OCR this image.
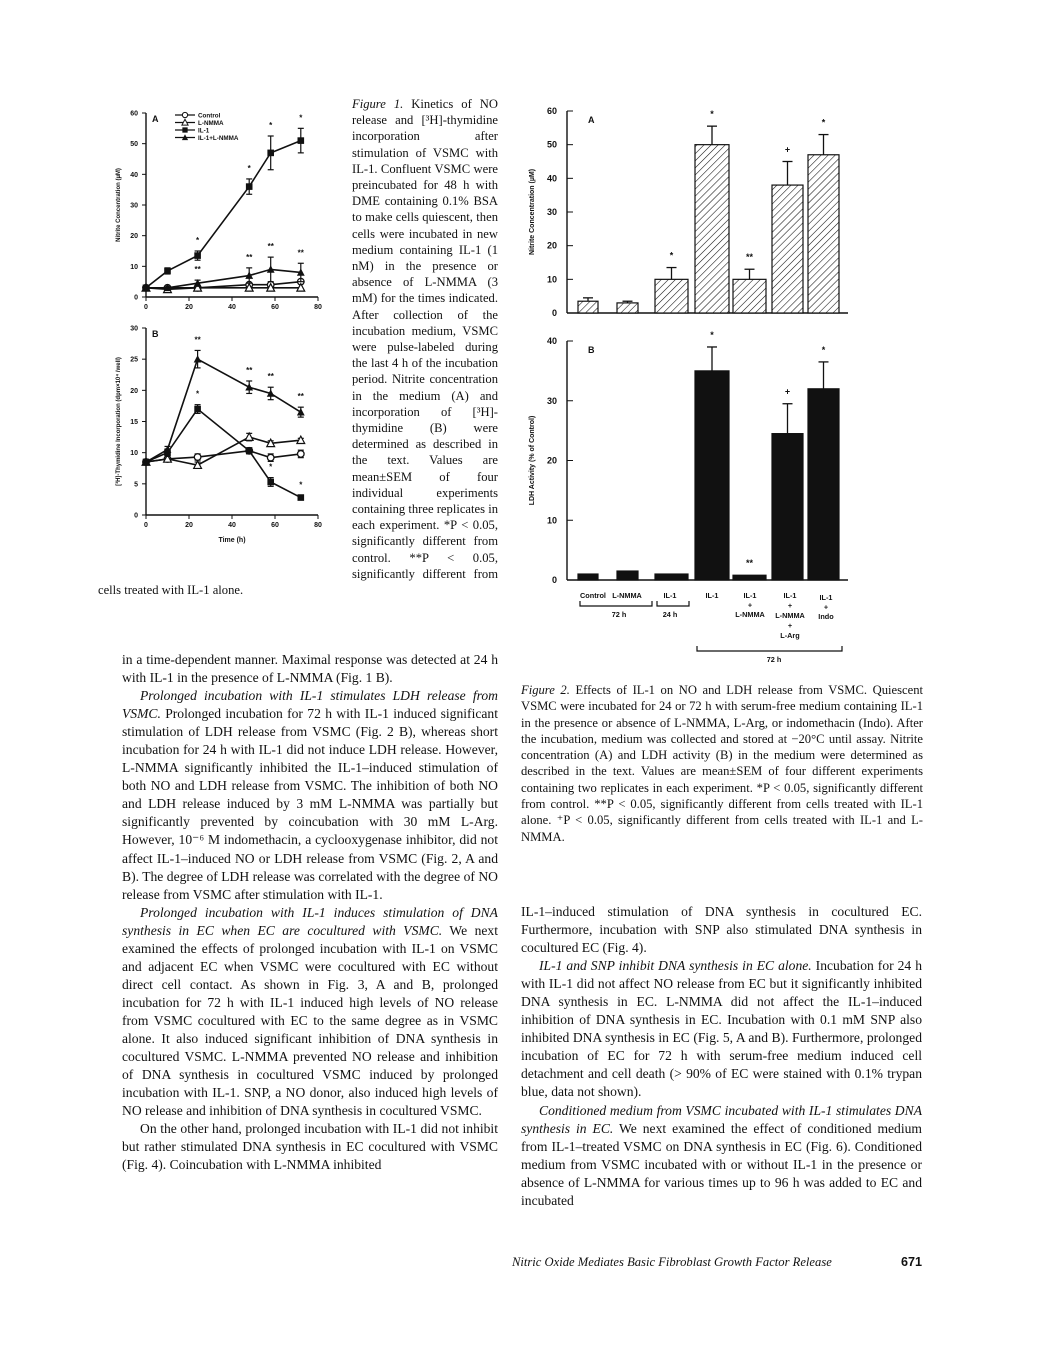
0	20	40	60	80
0
10
20
30
40
50
60 A
Nitrite Concentration (µM)	*
*
*
*
**
**
**
**
Control
L-NMMA
IL-1
IL-1+L-NMMA
0	20	40	60	80
0
5
10
15
20
25
30 B
[³H]-Thymidine Incorporation (dpm×10⁴ /well)
Time (h)
*
*
*
**
**
**
**
0
10
20
30
40
50
60
A
Nitrite Concentration (µM)
*
*
**
+
*
0
10
20
30
40
B
LDH Activity (% of Control)
*
**
+
*
Control L-NMMA	IL-1	IL-1	IL-1
+
L-NMMA
IL-1
+
L-NMMA
+
L-Arg
IL-1
+
Indo
72 h	24 h
72 h
Figure 1. Kinetics of NO release and [³H]-thymidine incorporation after stimulation of VSMC with IL-1. Confluent VSMC were preincubated for 48 h with DME containing 0.1% BSA to make cells quiescent, then cells were incubated in new medium containing IL-1 (1 nM) in the presence or absence of L-NMMA (3 mM) for the times indicated. After collection of the incubation medium, VSMC were pulse-labeled during the last 4 h of the incubation period. Nitrite concentration in the medium (A) and incorporation of [³H]-thymidine (B) were determined as described in the text. Values are mean±SEM of four individual experiments containing three replicates in each experiment. *P < 0.05, significantly different from control. **P < 0.05, significantly different from cells treated with IL-1 alone.
Figure 2. Effects of IL-1 on NO and LDH release from VSMC. Quiescent VSMC were incubated for 24 or 72 h with serum-free medium containing IL-1 in the presence or absence of L-NMMA, L-Arg, or indomethacin (Indo). After the incubation, medium was collected and stored at −20°C until assay. Nitrite concentration (A) and LDH activity (B) in the medium were determined as described in the text. Values are mean±SEM of four different experiments containing two replicates in each experiment. *P < 0.05, significantly different from control. **P < 0.05, significantly different from cells treated with IL-1 alone. ⁺P < 0.05, significantly different from cells treated with IL-1 and L-NMMA.

in a time-dependent manner. Maximal response was detected at 24 h with IL-1 in the presence of L-NMMA (Fig. 1 B).

Prolonged incubation with IL-1 stimulates LDH release from VSMC. Prolonged incubation for 72 h with IL-1 induced significant stimulation of LDH release from VSMC (Fig. 2 B), whereas short incubation for 24 h with IL-1 did not induce LDH release. However, L-NMMA significantly inhibited the IL-1–induced stimulation of both NO and LDH release from VSMC. The inhibition of both NO and LDH release induced by 3 mM L-NMMA was partially but significantly prevented by coincubation with 30 mM L-Arg. However, 10⁻⁶ M indomethacin, a cyclooxygenase inhibitor, did not affect IL-1–induced NO or LDH release from VSMC (Fig. 2, A and B). The degree of LDH release was correlated with the degree of NO release from VSMC after stimulation with IL-1.

Prolonged incubation with IL-1 induces stimulation of DNA synthesis in EC when EC are cocultured with VSMC. We next examined the effects of prolonged incubation with IL-1 on VSMC and adjacent EC when VSMC were cocultured with EC without direct cell contact. As shown in Fig. 3, A and B, prolonged incubation for 72 h with IL-1 induced high levels of NO release from VSMC cocultured with EC to the same degree as in VSMC alone. It also induced significant inhibition of DNA synthesis in cocultured VSMC. L-NMMA prevented NO release and inhibition of DNA synthesis in cocultured VSMC induced by prolonged incubation with IL-1. SNP, a NO donor, also induced high levels of NO release and inhibition of DNA synthesis in cocultured VSMC.

On the other hand, prolonged incubation with IL-1 did not inhibit but rather stimulated DNA synthesis in EC cocultured with VSMC (Fig. 4). Coincubation with L-NMMA inhibited

IL-1–induced stimulation of DNA synthesis in cocultured EC. Furthermore, incubation with SNP also stimulated DNA synthesis in cocultured EC (Fig. 4).

IL-1 and SNP inhibit DNA synthesis in EC alone. Incubation for 24 h with IL-1 did not affect NO release from EC but it significantly inhibited DNA synthesis in EC. L-NMMA did not affect the IL-1–induced inhibition of DNA synthesis in EC. Incubation with 0.1 mM SNP also inhibited DNA synthesis in EC (Fig. 5, A and B). Furthermore, prolonged incubation of EC for 72 h with serum-free medium induced cell detachment and cell death (> 90% of EC were stained with 0.1% trypan blue, data not shown).

Conditioned medium from VSMC incubated with IL-1 stimulates DNA synthesis in EC. We next examined the effect of conditioned medium from IL-1–treated VSMC on DNA synthesis in EC (Fig. 6). Conditioned medium from VSMC incubated with or without IL-1 in the presence or absence of L-NMMA for various times up to 96 h was added to EC and incubated

Nitric Oxide Mediates Basic Fibroblast Growth Factor Release	671
